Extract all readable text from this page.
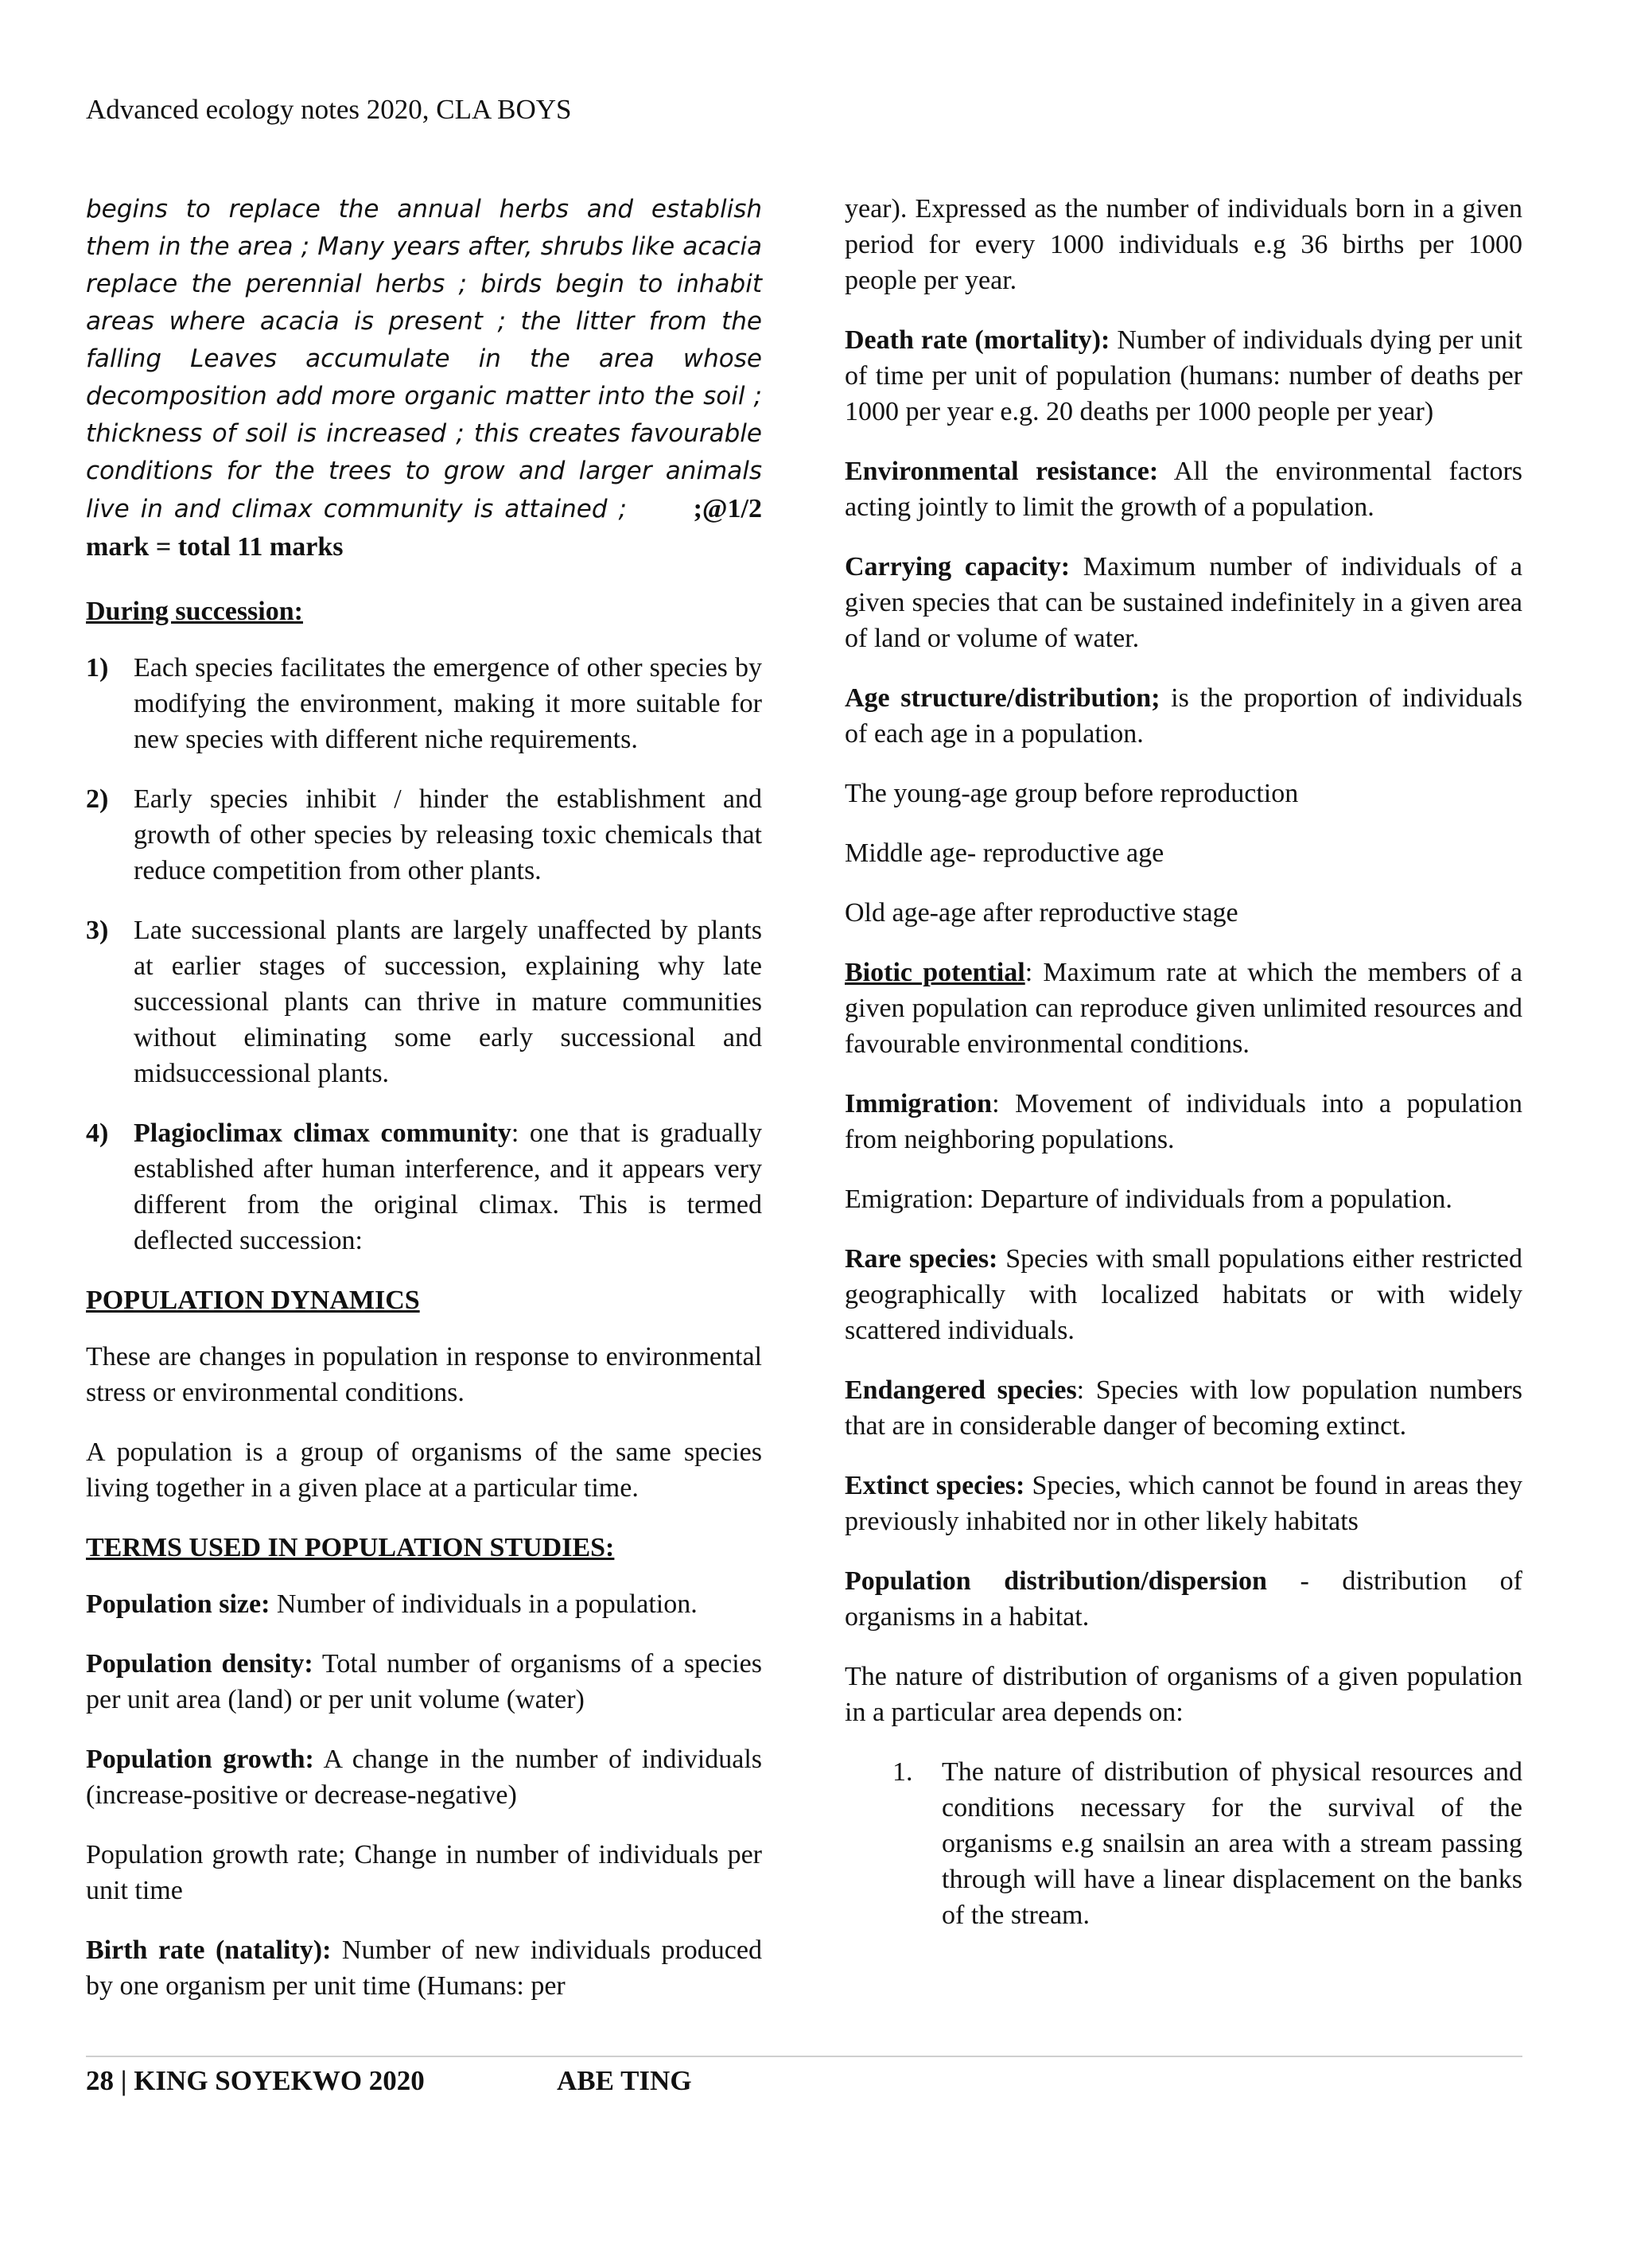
Advanced ecology notes 2020, CLA BOYS

begins to replace the annual herbs and establish them in the area ; Many years after, shrubs like acacia replace the perennial herbs ; birds begin to inhabit areas where acacia is present ; the litter from the falling Leaves accumulate in the area whose decomposition add more organic matter into the soil ; thickness of soil is increased ; this creates favourable conditions for the trees to grow and larger animals live in and climax community is attained ; ;@1/2 mark = total 11 marks

During succession:

1) Each species facilitates the emergence of other species by modifying the environment, making it more suitable for new species with different niche requirements.
2) Early species inhibit / hinder the establishment and growth of other species by releasing toxic chemicals that reduce competition from other plants.
3) Late successional plants are largely unaffected by plants at earlier stages of succession, explaining why late successional plants can thrive in mature communities without eliminating some early successional and midsuccessional plants.
4) Plagioclimax climax community: one that is gradually established after human interference, and it appears very different from the original climax. This is termed deflected succession:

POPULATION DYNAMICS

These are changes in population in response to environmental stress or environmental conditions.

A population is a group of organisms of the same species living together in a given place at a particular time.

TERMS USED IN POPULATION STUDIES:

Population size: Number of individuals in a population.

Population density: Total number of organisms of a species per unit area (land) or per unit volume (water)

Population growth: A change in the number of individuals (increase-positive or decrease-negative)

Population growth rate; Change in number of individuals per unit time

Birth rate (natality): Number of new individuals produced by one organism per unit time (Humans: per

year). Expressed as the number of individuals born in a given period for every 1000 individuals e.g 36 births per 1000 people per year.

Death rate (mortality): Number of individuals dying per unit of time per unit of population (humans: number of deaths per 1000 per year e.g. 20 deaths per 1000 people per year)

Environmental resistance: All the environmental factors acting jointly to limit the growth of a population.

Carrying capacity: Maximum number of individuals of a given species that can be sustained indefinitely in a given area of land or volume of water.

Age structure/distribution; is the proportion of individuals of each age in a population.

The young-age group before reproduction

Middle age- reproductive age

Old age-age after reproductive stage

Biotic potential: Maximum rate at which the members of a given population can reproduce given unlimited resources and favourable environmental conditions.

Immigration: Movement of individuals into a population from neighboring populations.

Emigration: Departure of individuals from a population.

Rare species: Species with small populations either restricted geographically with localized habitats or with widely scattered individuals.

Endangered species: Species with low population numbers that are in considerable danger of becoming extinct.

Extinct species: Species, which cannot be found in areas they previously inhabited nor in other likely habitats

Population distribution/dispersion - distribution of organisms in a habitat.

The nature of distribution of organisms of a given population in a particular area depends on:

1. The nature of distribution of physical resources and conditions necessary for the survival of the organisms e.g snailsin an area with a stream passing through will have a linear displacement on the banks of the stream.
28 | KING SOYEKWO 2020	ABE TING
